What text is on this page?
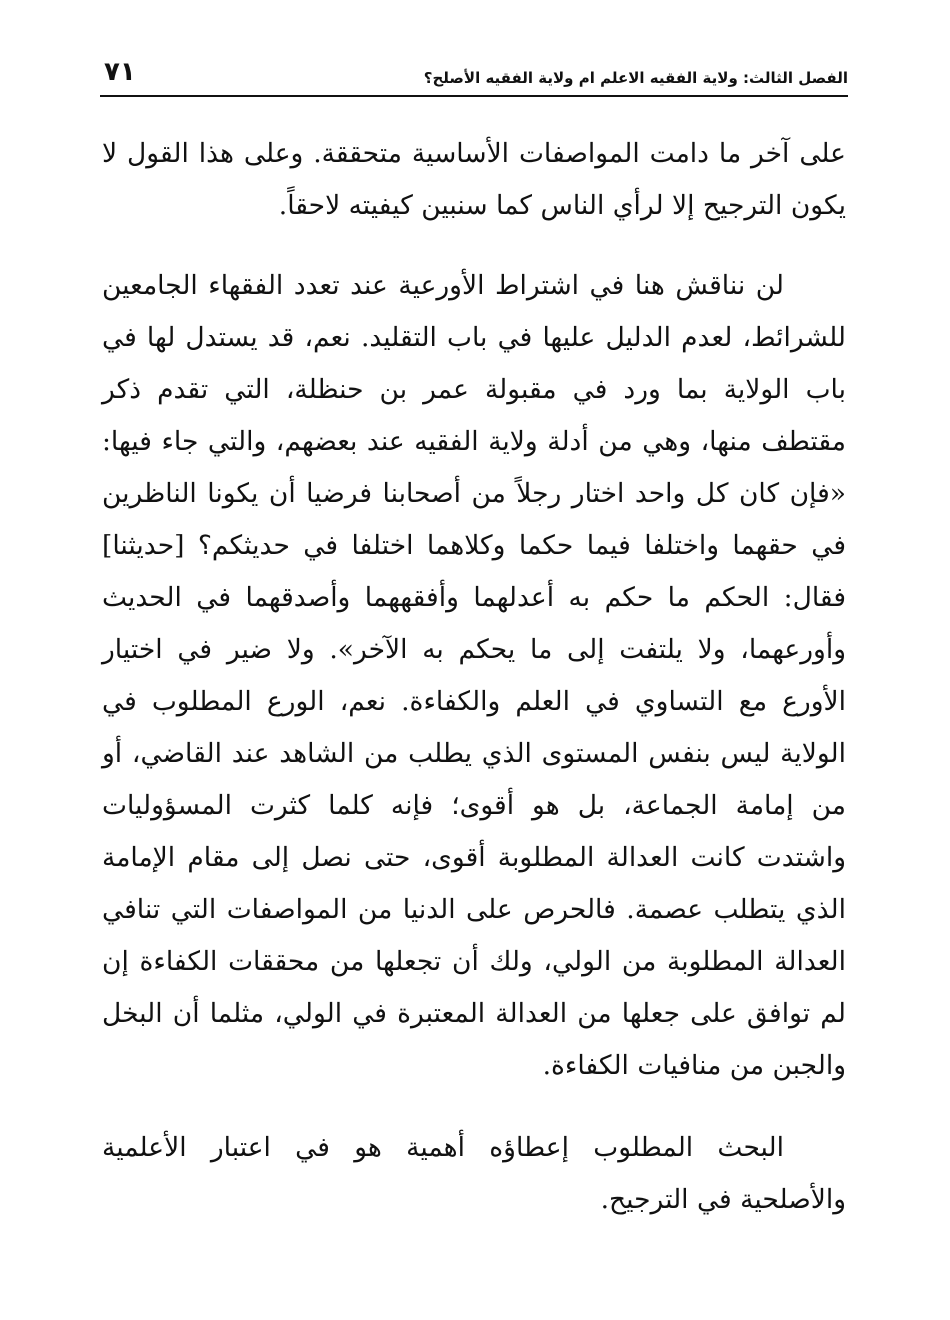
٧١	الفصل الثالث: ولاية الفقيه الاعلم ام ولاية الفقيه الأصلح؟

على آخر ما دامت المواصفات الأساسية متحققة. وعلى هذا القول لا يكون الترجيح إلا لرأي الناس كما سنبين كيفيته لاحقاً.

لن نناقش هنا في اشتراط الأورعية عند تعدد الفقهاء الجامعين للشرائط، لعدم الدليل عليها في باب التقليد. نعم، قد يستدل لها في باب الولاية بما ورد في مقبولة عمر بن حنظلة، التي تقدم ذكر مقتطف منها، وهي من أدلة ولاية الفقيه عند بعضهم، والتي جاء فيها: «فإن كان كل واحد اختار رجلاً من أصحابنا فرضيا أن يكونا الناظرين في حقهما واختلفا فيما حكما وكلاهما اختلفا في حديثكم؟ [حديثنا] فقال: الحكم ما حكم به أعدلهما وأفقههما وأصدقهما في الحديث وأورعهما، ولا يلتفت إلى ما يحكم به الآخر». ولا ضير في اختيار الأورع مع التساوي في العلم والكفاءة. نعم، الورع المطلوب في الولاية ليس بنفس المستوى الذي يطلب من الشاهد عند القاضي، أو من إمامة الجماعة، بل هو أقوى؛ فإنه كلما كثرت المسؤوليات واشتدت كانت العدالة المطلوبة أقوى، حتى نصل إلى مقام الإمامة الذي يتطلب عصمة. فالحرص على الدنيا من المواصفات التي تنافي العدالة المطلوبة من الولي، ولك أن تجعلها من محققات الكفاءة إن لم توافق على جعلها من العدالة المعتبرة في الولي، مثلما أن البخل والجبن من منافيات الكفاءة.

البحث المطلوب إعطاؤه أهمية هو في اعتبار الأعلمية والأصلحية في الترجيح.
